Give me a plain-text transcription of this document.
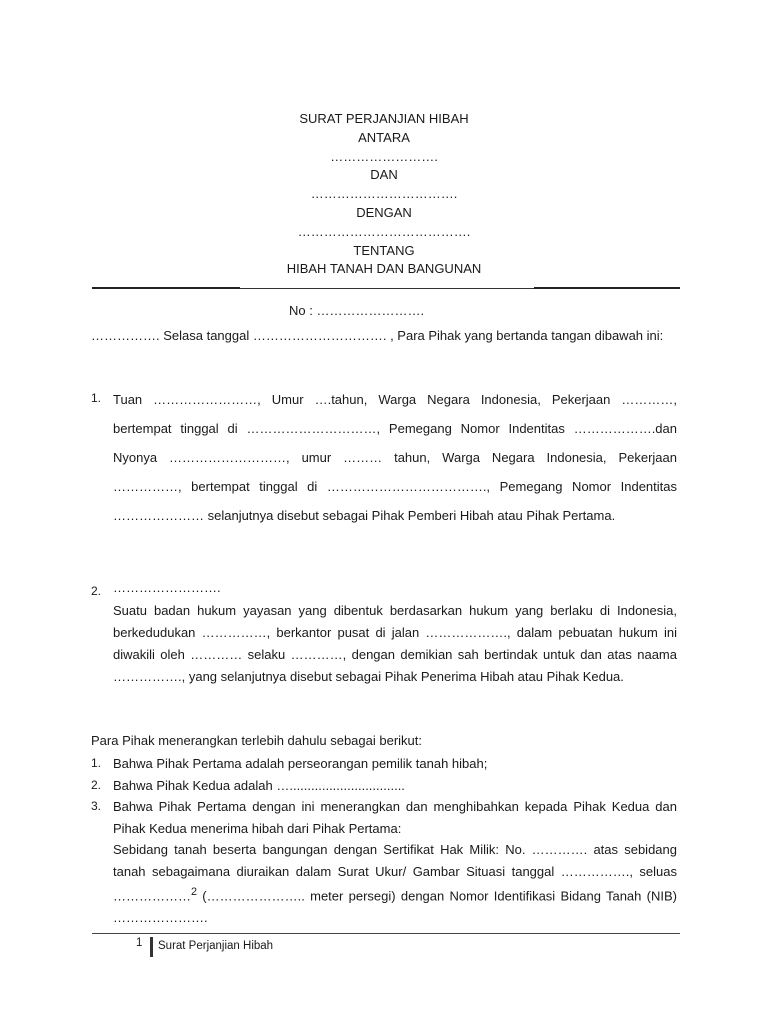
SURAT PERJANJIAN HIBAH
ANTARA
…………………….
DAN
…………………………….
DENGAN
………………………………….
TENTANG
HIBAH TANAH DAN BANGUNAN
No : …………………….
……………. Selasa tanggal …………………………. , Para Pihak yang bertanda tangan dibawah ini:
1. Tuan ……………………, Umur ….tahun, Warga Negara Indonesia, Pekerjaan …………, bertempat tinggal di …………………………, Pemegang Nomor Indentitas ……………….dan Nyonya ………………………, umur ……… tahun, Warga Negara Indonesia, Pekerjaan ……………, bertempat tinggal di ………………………………., Pemegang Nomor Indentitas ………………… selanjutnya disebut sebagai Pihak Pemberi Hibah atau Pihak Pertama.
2. …………………….
Suatu badan hukum yayasan yang dibentuk berdasarkan hukum yang berlaku di Indonesia, berkedudukan ……………, berkantor pusat di jalan ………………., dalam pebuatan hukum ini diwakili oleh ………… selaku …………, dengan demikian sah bertindak untuk dan atas naama ……………., yang selanjutnya disebut sebagai Pihak Penerima Hibah atau Pihak Kedua.
Para Pihak menerangkan terlebih dahulu sebagai berikut:
1. Bahwa Pihak Pertama adalah perseorangan pemilik tanah hibah;
2. Bahwa Pihak Kedua adalah …................................
3. Bahwa Pihak Pertama dengan ini menerangkan dan menghibahkan kepada Pihak Kedua dan Pihak Kedua menerima hibah dari Pihak Pertama:
Sebidang tanah beserta bangungan dengan Sertifikat Hak Milik: No. …………. atas sebidang tanah sebagaimana diuraikan dalam Surat Ukur/ Gambar Situasi tanggal ……………., seluas ………………$^2$ (………………….. meter persegi) dengan Nomor Identifikasi Bidang Tanah (NIB) ………………….
1 Surat Perjanjian Hibah
